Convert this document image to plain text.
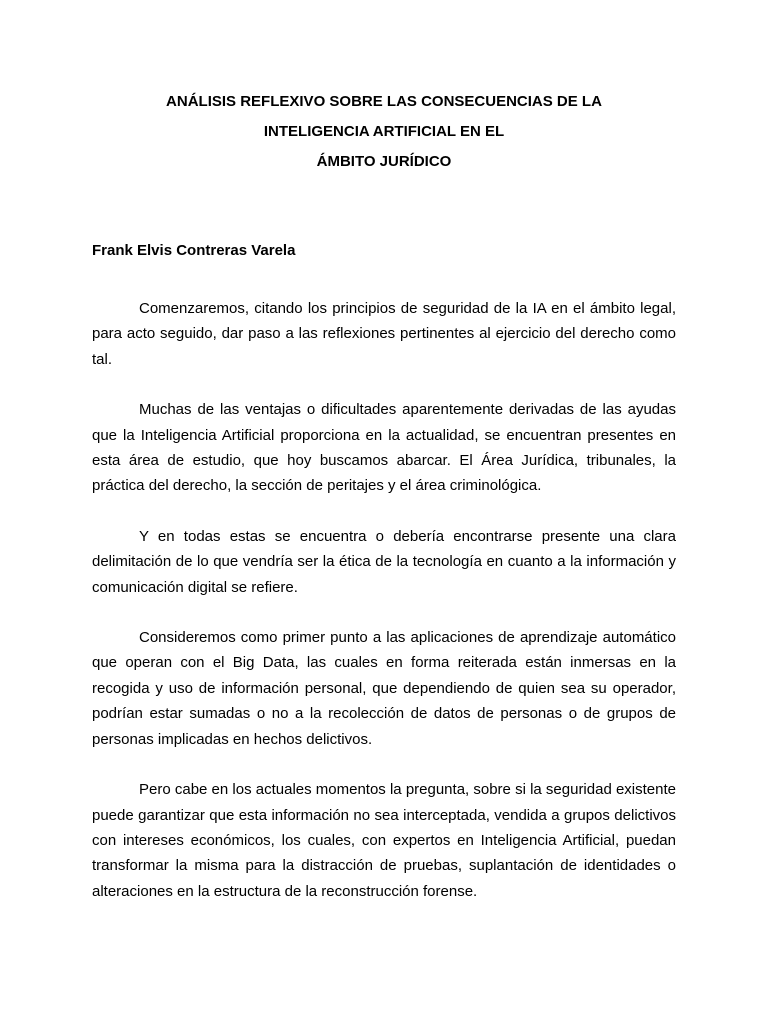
ANÁLISIS REFLEXIVO SOBRE LAS CONSECUENCIAS DE LA
INTELIGENCIA ARTIFICIAL EN EL
ÁMBITO JURÍDICO

Frank Elvis Contreras Varela

Comenzaremos, citando los principios de seguridad de la IA en el ámbito legal, para acto seguido, dar paso a las reflexiones pertinentes al ejercicio del derecho como tal.

Muchas de las ventajas o dificultades aparentemente derivadas de las ayudas que la Inteligencia Artificial proporciona en la actualidad, se encuentran presentes en esta área de estudio, que hoy buscamos abarcar. El Área Jurídica, tribunales, la práctica del derecho, la sección de peritajes y el área criminológica.

Y en todas estas se encuentra o debería encontrarse presente una clara delimitación de lo que vendría ser la ética de la tecnología en cuanto a la información y comunicación digital se refiere.

Consideremos como primer punto a las aplicaciones de aprendizaje automático que operan con el Big Data, las cuales en forma reiterada están inmersas en la recogida y uso de información personal, que dependiendo de quien sea su operador, podrían estar sumadas o no a la recolección de datos de personas o de grupos de personas implicadas en hechos delictivos.

Pero cabe en los actuales momentos la pregunta, sobre si la seguridad existente puede garantizar que esta información no sea interceptada, vendida a grupos delictivos con intereses económicos, los cuales, con expertos en Inteligencia Artificial, puedan transformar la misma para la distracción de pruebas, suplantación de identidades o alteraciones en la estructura de la reconstrucción forense.
